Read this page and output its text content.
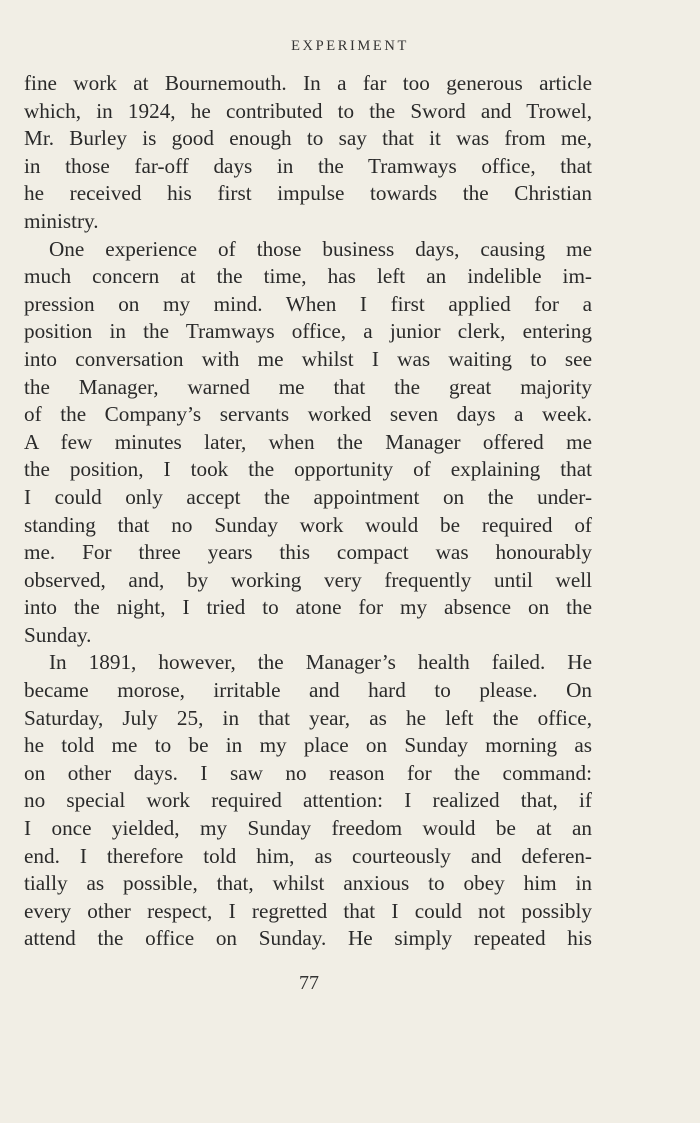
EXPERIMENT
fine work at Bournemouth. In a far too generous article
which, in 1924, he contributed to the Sword and Trowel,
Mr. Burley is good enough to say that it was from me,
in those far-off days in the Tramways office, that
he received his first impulse towards the Christian
ministry.
One experience of those business days, causing me
much concern at the time, has left an indelible im-
pression on my mind. When I first applied for a
position in the Tramways office, a junior clerk, entering
into conversation with me whilst I was waiting to see
the Manager, warned me that the great majority
of the Company’s servants worked seven days a week.
A few minutes later, when the Manager offered me
the position, I took the opportunity of explaining that
I could only accept the appointment on the under-
standing that no Sunday work would be required of
me. For three years this compact was honourably
observed, and, by working very frequently until well
into the night, I tried to atone for my absence on the
Sunday.
In 1891, however, the Manager’s health failed. He
became morose, irritable and hard to please. On
Saturday, July 25, in that year, as he left the office,
he told me to be in my place on Sunday morning as
on other days. I saw no reason for the command:
no special work required attention: I realized that, if
I once yielded, my Sunday freedom would be at an
end. I therefore told him, as courteously and deferen-
tially as possible, that, whilst anxious to obey him in
every other respect, I regretted that I could not possibly
attend the office on Sunday. He simply repeated his
77
